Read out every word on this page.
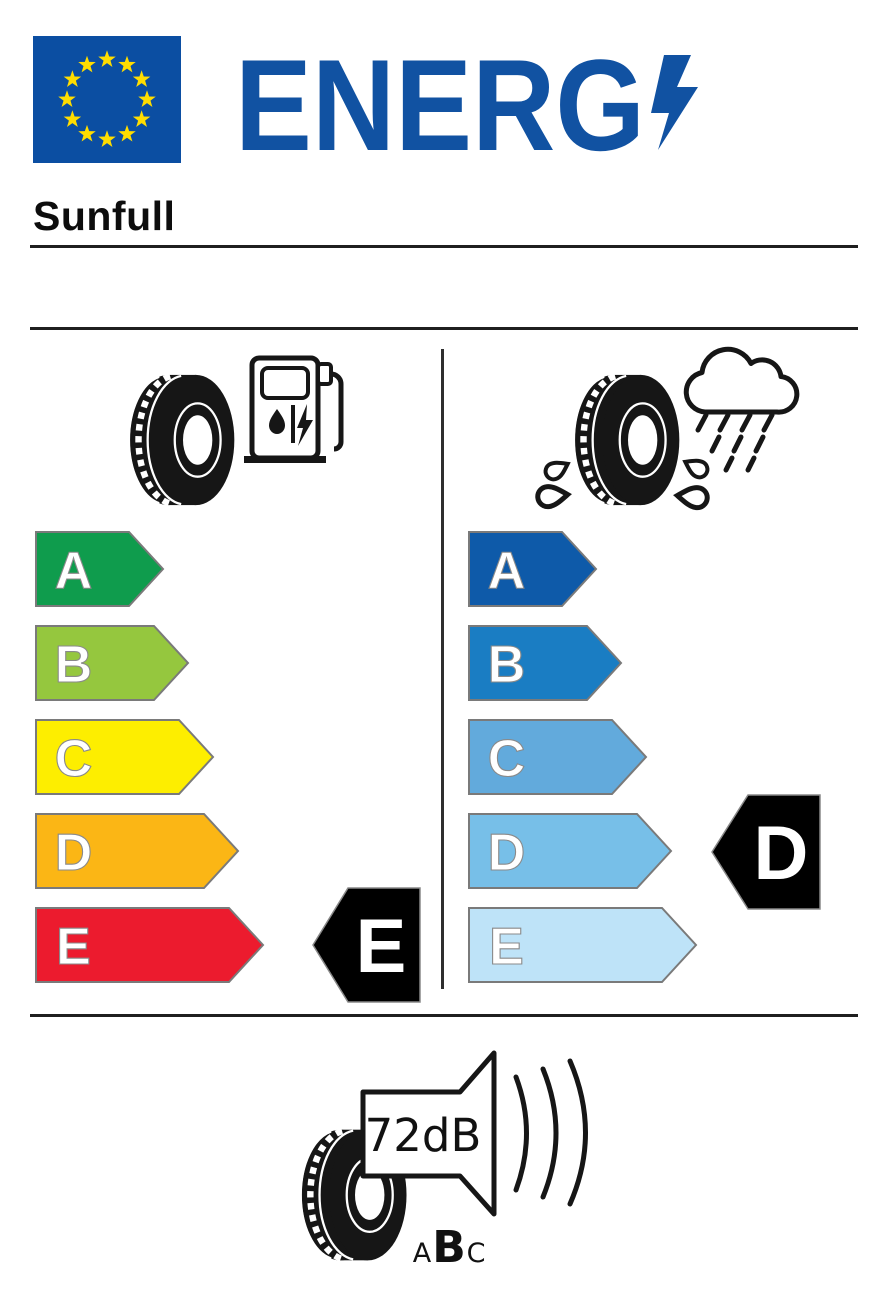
Sunfull
A
B
C
D
E
A
B
C
D
E
ENERG
E
D
72dB
A B C
